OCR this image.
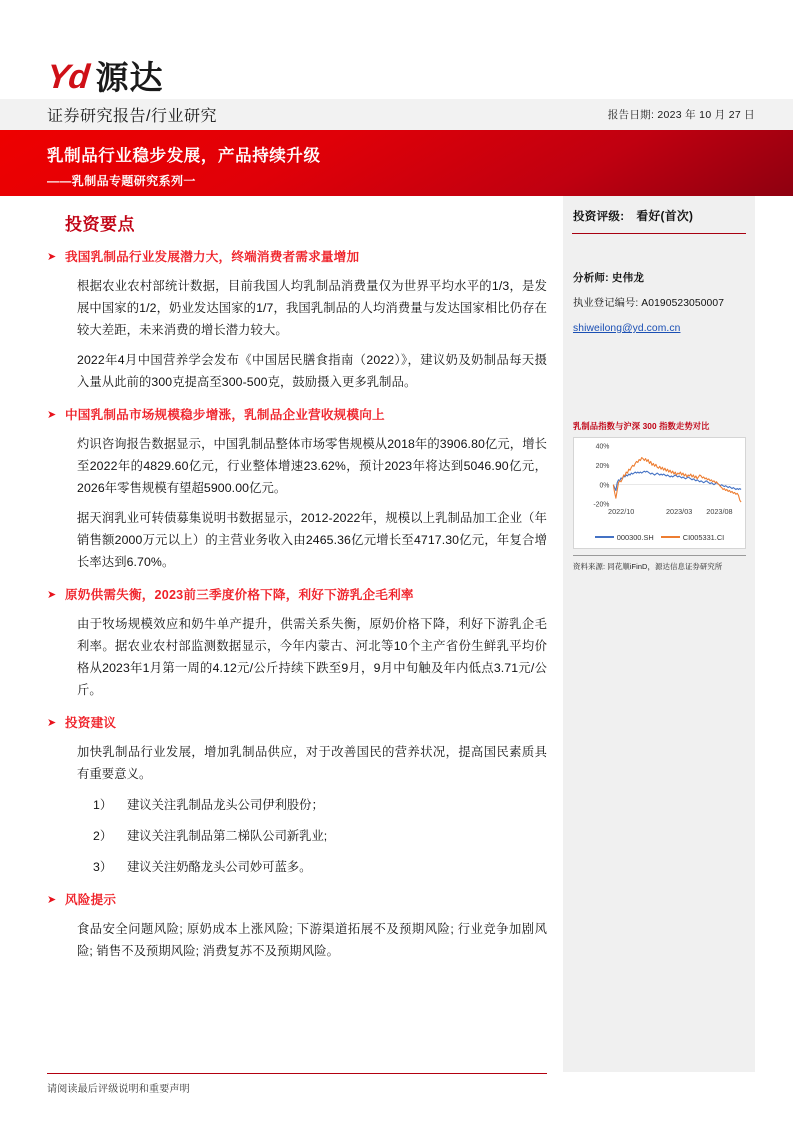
Yd 源达
证券研究报告/行业研究	报告日期: 2023 年 10 月 27 日
乳制品行业稳步发展，产品持续升级
——乳制品专题研究系列一
投资要点
➤ 我国乳制品行业发展潜力大，终端消费者需求量增加
根据农业农村部统计数据，目前我国人均乳制品消费量仅为世界平均水平的1/3，是发展中国家的1/2，奶业发达国家的1/7，我国乳制品的人均消费量与发达国家相比仍存在较大差距，未来消费的增长潜力较大。
2022年4月中国营养学会发布《中国居民膳食指南（2022）》，建议奶及奶制品每天摄入量从此前的300克提高至300-500克，鼓励摄入更多乳制品。
➤ 中国乳制品市场规模稳步增涨，乳制品企业营收规模向上
灼识咨询报告数据显示，中国乳制品整体市场零售规模从2018年的3906.80亿元，增长至2022年的4829.60亿元，行业整体增速23.62%，预计2023年将达到5046.90亿元，2026年零售规模有望超5900.00亿元。
据天润乳业可转债募集说明书数据显示，2012-2022年，规模以上乳制品加工企业（年销售额2000万元以上）的主营业务收入由2465.36亿元增长至4717.30亿元，年复合增长率达到6.70%。
➤ 原奶供需失衡，2023前三季度价格下降，利好下游乳企毛利率
由于牧场规模效应和奶牛单产提升，供需关系失衡，原奶价格下降，利好下游乳企毛利率。据农业农村部监测数据显示，今年内蒙古、河北等10个主产省份生鲜乳平均价格从2023年1月第一周的4.12元/公斤持续下跌至9月，9月中旬触及年内低点3.71元/公斤。
➤ 投资建议
加快乳制品行业发展，增加乳制品供应，对于改善国民的营养状况，提高国民素质具有重要意义。
1）	建议关注乳制品龙头公司伊利股份；
2）	建议关注乳制品第二梯队公司新乳业;
3）	建议关注奶酪龙头公司妙可蓝多。
➤ 风险提示
食品安全问题风险; 原奶成本上涨风险; 下游渠道拓展不及预期风险; 行业竞争加剧风险; 销售不及预期风险; 消费复苏不及预期风险。
投资评级: 看好(首次)
分析师: 史伟龙
执业登记编号: A0190523050007
shiweilong@yd.com.cn
乳制品指数与沪深 300 指数走势对比
-20%
0%
20%
40%
2022/10	2023/03 2023/08
000300.SH	CI005331.CI
资料来源: 同花顺iFinD，源达信息证券研究所
请阅读最后评级说明和重要声明
